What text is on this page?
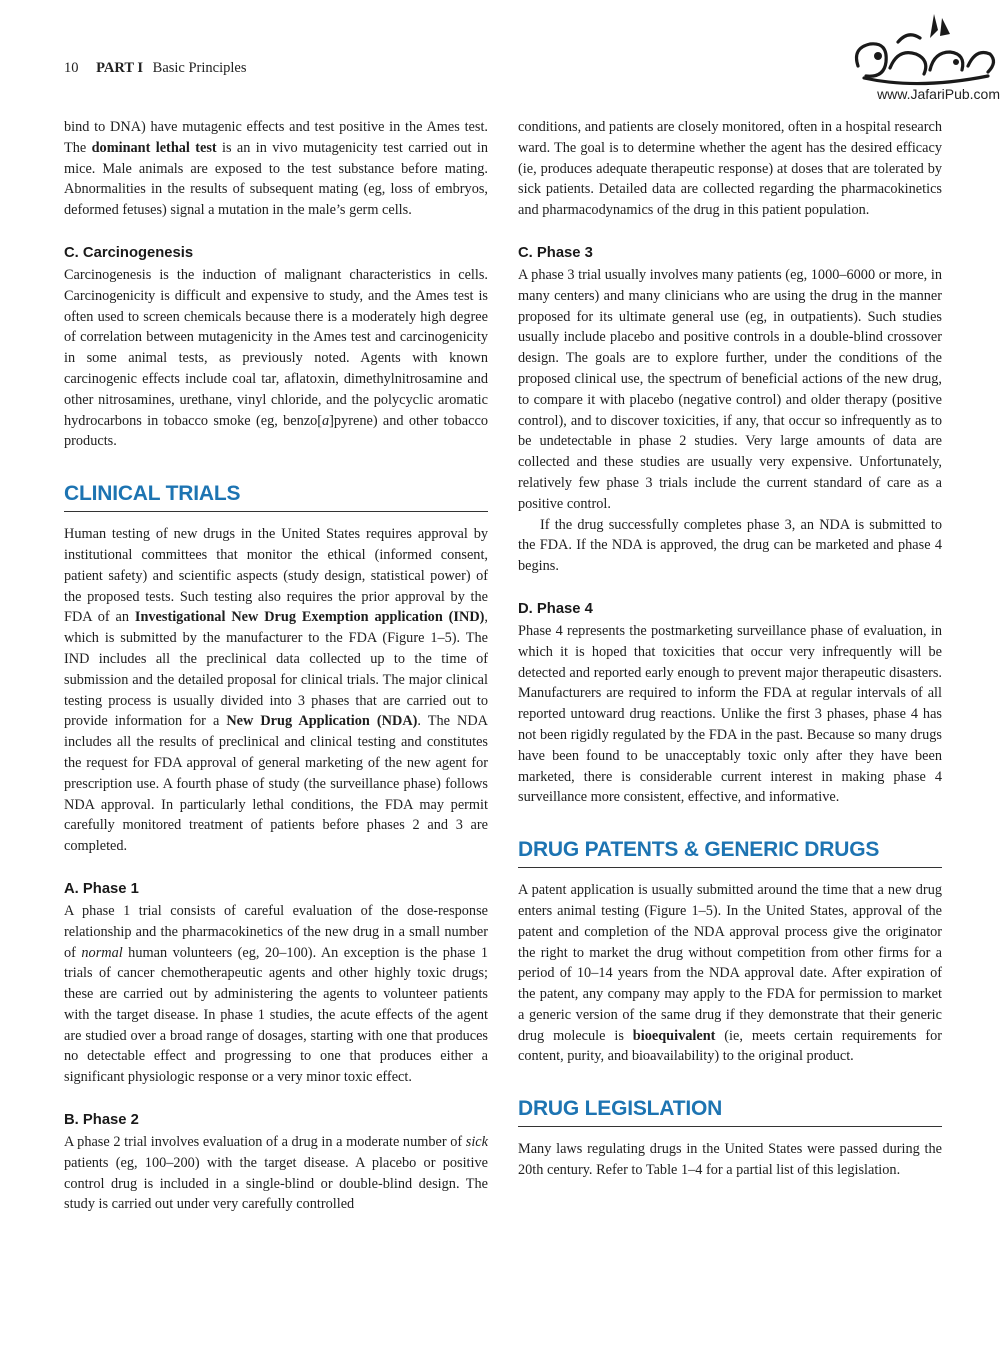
10 PART I Basic Principles
www.JafariPub.com

bind to DNA) have mutagenic effects and test positive in the Ames test. The dominant lethal test is an in vivo mutagenicity test carried out in mice. Male animals are exposed to the test substance before mating. Abnormalities in the results of subsequent mating (eg, loss of embryos, deformed fetuses) signal a mutation in the male’s germ cells.

C. Carcinogenesis

Carcinogenesis is the induction of malignant characteristics in cells. Carcinogenicity is difficult and expensive to study, and the Ames test is often used to screen chemicals because there is a moderately high degree of correlation between mutagenicity in the Ames test and carcinogenicity in some animal tests, as previously noted. Agents with known carcinogenic effects include coal tar, aflatoxin, dimethylnitrosamine and other nitrosamines, urethane, vinyl chloride, and the polycyclic aromatic hydrocarbons in tobacco smoke (eg, benzo[a]pyrene) and other tobacco products.

CLINICAL TRIALS

Human testing of new drugs in the United States requires approval by institutional committees that monitor the ethical (informed consent, patient safety) and scientific aspects (study design, statistical power) of the proposed tests. Such testing also requires the prior approval by the FDA of an Investigational New Drug Exemption application (IND), which is submitted by the manufacturer to the FDA (Figure 1–5). The IND includes all the preclinical data collected up to the time of submission and the detailed proposal for clinical trials. The major clinical testing process is usually divided into 3 phases that are carried out to provide information for a New Drug Application (NDA). The NDA includes all the results of preclinical and clinical testing and constitutes the request for FDA approval of general marketing of the new agent for prescription use. A fourth phase of study (the surveillance phase) follows NDA approval. In particularly lethal conditions, the FDA may permit carefully monitored treatment of patients before phases 2 and 3 are completed.

A. Phase 1

A phase 1 trial consists of careful evaluation of the dose-response relationship and the pharmacokinetics of the new drug in a small number of normal human volunteers (eg, 20–100). An exception is the phase 1 trials of cancer chemotherapeutic agents and other highly toxic drugs; these are carried out by administering the agents to volunteer patients with the target disease. In phase 1 studies, the acute effects of the agent are studied over a broad range of dosages, starting with one that produces no detectable effect and progressing to one that produces either a significant physiologic response or a very minor toxic effect.

B. Phase 2

A phase 2 trial involves evaluation of a drug in a moderate number of sick patients (eg, 100–200) with the target disease. A placebo or positive control drug is included in a single-blind or double-blind design. The study is carried out under very carefully controlled

conditions, and patients are closely monitored, often in a hospital research ward. The goal is to determine whether the agent has the desired efficacy (ie, produces adequate therapeutic response) at doses that are tolerated by sick patients. Detailed data are collected regarding the pharmacokinetics and pharmacodynamics of the drug in this patient population.

C. Phase 3

A phase 3 trial usually involves many patients (eg, 1000–6000 or more, in many centers) and many clinicians who are using the drug in the manner proposed for its ultimate general use (eg, in outpatients). Such studies usually include placebo and positive controls in a double-blind crossover design. The goals are to explore further, under the conditions of the proposed clinical use, the spectrum of beneficial actions of the new drug, to compare it with placebo (negative control) and older therapy (positive control), and to discover toxicities, if any, that occur so infrequently as to be undetectable in phase 2 studies. Very large amounts of data are collected and these studies are usually very expensive. Unfortunately, relatively few phase 3 trials include the current standard of care as a positive control.

If the drug successfully completes phase 3, an NDA is submitted to the FDA. If the NDA is approved, the drug can be marketed and phase 4 begins.

D. Phase 4

Phase 4 represents the postmarketing surveillance phase of evaluation, in which it is hoped that toxicities that occur very infrequently will be detected and reported early enough to prevent major therapeutic disasters. Manufacturers are required to inform the FDA at regular intervals of all reported untoward drug reactions. Unlike the first 3 phases, phase 4 has not been rigidly regulated by the FDA in the past. Because so many drugs have been found to be unacceptably toxic only after they have been marketed, there is considerable current interest in making phase 4 surveillance more consistent, effective, and informative.

DRUG PATENTS & GENERIC DRUGS

A patent application is usually submitted around the time that a new drug enters animal testing (Figure 1–5). In the United States, approval of the patent and completion of the NDA approval process give the originator the right to market the drug without competition from other firms for a period of 10–14 years from the NDA approval date. After expiration of the patent, any company may apply to the FDA for permission to market a generic version of the same drug if they demonstrate that their generic drug molecule is bioequivalent (ie, meets certain requirements for content, purity, and bioavailability) to the original product.

DRUG LEGISLATION

Many laws regulating drugs in the United States were passed during the 20th century. Refer to Table 1–4 for a partial list of this legislation.
